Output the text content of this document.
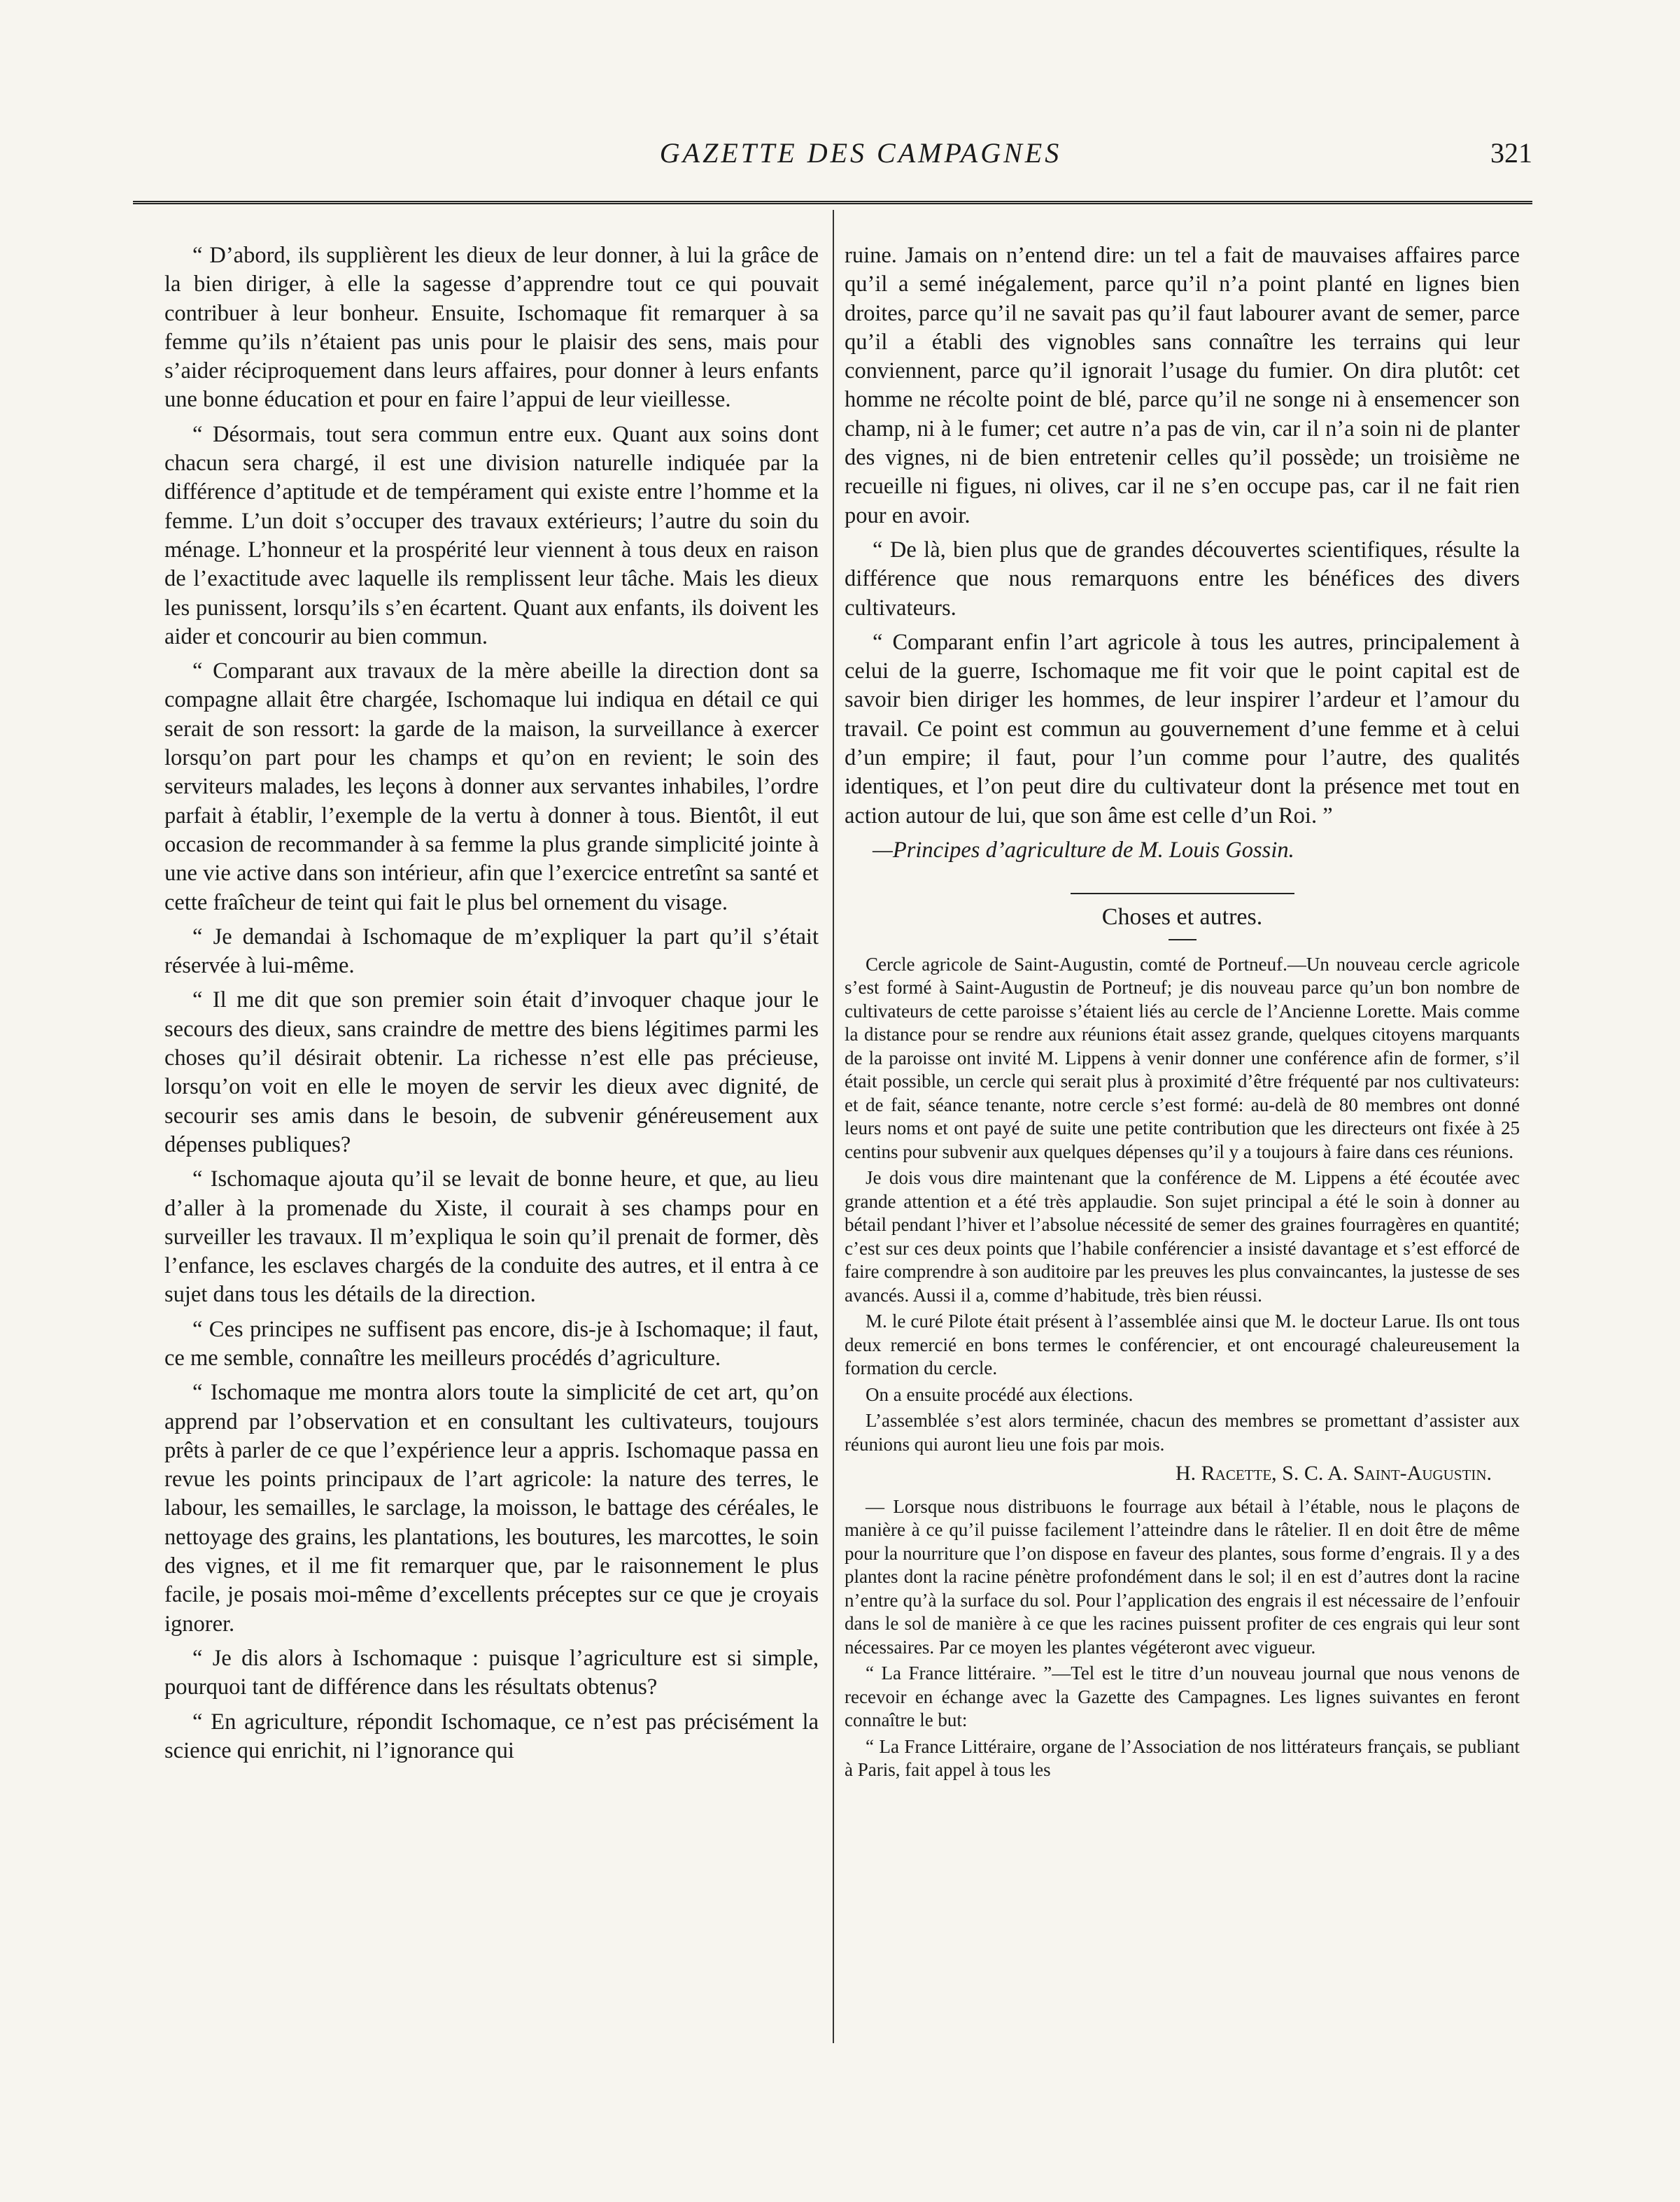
GAZETTE DES CAMPAGNES	321

“ D’abord, ils supplièrent les dieux de leur donner, à lui la grâce de la bien diriger, à elle la sagesse d’apprendre tout ce qui pouvait contribuer à leur bonheur. Ensuite, Ischomaque fit remarquer à sa femme qu’ils n’étaient pas unis pour le plaisir des sens, mais pour s’aider réciproquement dans leurs affaires, pour donner à leurs enfants une bonne éducation et pour en faire l’appui de leur vieillesse.

“ Désormais, tout sera commun entre eux. Quant aux soins dont chacun sera chargé, il est une division naturelle indiquée par la différence d’aptitude et de tempérament qui existe entre l’homme et la femme. L’un doit s’occuper des travaux extérieurs; l’autre du soin du ménage. L’honneur et la prospérité leur viennent à tous deux en raison de l’exactitude avec laquelle ils remplissent leur tâche. Mais les dieux les punissent, lorsqu’ils s’en écartent. Quant aux enfants, ils doivent les aider et concourir au bien commun.

“ Comparant aux travaux de la mère abeille la direction dont sa compagne allait être chargée, Ischomaque lui indiqua en détail ce qui serait de son ressort: la garde de la maison, la surveillance à exercer lorsqu’on part pour les champs et qu’on en revient; le soin des serviteurs malades, les leçons à donner aux servantes inhabiles, l’ordre parfait à établir, l’exemple de la vertu à donner à tous. Bientôt, il eut occasion de recommander à sa femme la plus grande simplicité jointe à une vie active dans son intérieur, afin que l’exercice entretînt sa santé et cette fraîcheur de teint qui fait le plus bel ornement du visage.

“ Je demandai à Ischomaque de m’expliquer la part qu’il s’était réservée à lui-même.

“ Il me dit que son premier soin était d’invoquer chaque jour le secours des dieux, sans craindre de mettre des biens légitimes parmi les choses qu’il désirait obtenir. La richesse n’est elle pas précieuse, lorsqu’on voit en elle le moyen de servir les dieux avec dignité, de secourir ses amis dans le besoin, de subvenir généreusement aux dépenses publiques?

“ Ischomaque ajouta qu’il se levait de bonne heure, et que, au lieu d’aller à la promenade du Xiste, il courait à ses champs pour en surveiller les travaux. Il m’expliqua le soin qu’il prenait de former, dès l’enfance, les esclaves chargés de la conduite des autres, et il entra à ce sujet dans tous les détails de la direction.

“ Ces principes ne suffisent pas encore, dis-je à Ischomaque; il faut, ce me semble, connaître les meilleurs procédés d’agriculture.

“ Ischomaque me montra alors toute la simplicité de cet art, qu’on apprend par l’observation et en consultant les cultivateurs, toujours prêts à parler de ce que l’expérience leur a appris. Ischomaque passa en revue les points principaux de l’art agricole: la nature des terres, le labour, les semailles, le sarclage, la moisson, le battage des céréales, le nettoyage des grains, les plantations, les boutures, les marcottes, le soin des vignes, et il me fit remarquer que, par le raisonnement le plus facile, je posais moi-même d’excellents préceptes sur ce que je croyais ignorer.

“ Je dis alors à Ischomaque : puisque l’agriculture est si simple, pourquoi tant de différence dans les résultats obtenus?

“ En agriculture, répondit Ischomaque, ce n’est pas précisément la science qui enrichit, ni l’ignorance qui

ruine. Jamais on n’entend dire: un tel a fait de mauvaises affaires parce qu’il a semé inégalement, parce qu’il n’a point planté en lignes bien droites, parce qu’il ne savait pas qu’il faut labourer avant de semer, parce qu’il a établi des vignobles sans connaître les terrains qui leur conviennent, parce qu’il ignorait l’usage du fumier. On dira plutôt: cet homme ne récolte point de blé, parce qu’il ne songe ni à ensemencer son champ, ni à le fumer; cet autre n’a pas de vin, car il n’a soin ni de planter des vignes, ni de bien entretenir celles qu’il possède; un troisième ne recueille ni figues, ni olives, car il ne s’en occupe pas, car il ne fait rien pour en avoir.

“ De là, bien plus que de grandes découvertes scientifiques, résulte la différence que nous remarquons entre les bénéfices des divers cultivateurs.

“ Comparant enfin l’art agricole à tous les autres, principalement à celui de la guerre, Ischomaque me fit voir que le point capital est de savoir bien diriger les hommes, de leur inspirer l’ardeur et l’amour du travail. Ce point est commun au gouvernement d’une femme et à celui d’un empire; il faut, pour l’un comme pour l’autre, des qualités identiques, et l’on peut dire du cultivateur dont la présence met tout en action autour de lui, que son âme est celle d’un Roi. ”

—Principes d’agriculture de M. Louis Gossin.

Choses et autres.

Cercle agricole de Saint-Augustin, comté de Portneuf.—Un nouveau cercle agricole s’est formé à Saint-Augustin de Portneuf; je dis nouveau parce qu’un bon nombre de cultivateurs de cette paroisse s’étaient liés au cercle de l’Ancienne Lorette. Mais comme la distance pour se rendre aux réunions était assez grande, quelques citoyens marquants de la paroisse ont invité M. Lippens à venir donner une conférence afin de former, s’il était possible, un cercle qui serait plus à proximité d’être fréquenté par nos cultivateurs: et de fait, séance tenante, notre cercle s’est formé: au-delà de 80 membres ont donné leurs noms et ont payé de suite une petite contribution que les directeurs ont fixée à 25 centins pour subvenir aux quelques dépenses qu’il y a toujours à faire dans ces réunions.

Je dois vous dire maintenant que la conférence de M. Lippens a été écoutée avec grande attention et a été très applaudie. Son sujet principal a été le soin à donner au bétail pendant l’hiver et l’absolue nécessité de semer des graines fourragères en quantité; c’est sur ces deux points que l’habile conférencier a insisté davantage et s’est efforcé de faire comprendre à son auditoire par les preuves les plus convaincantes, la justesse de ses avancés. Aussi il a, comme d’habitude, très bien réussi.

M. le curé Pilote était présent à l’assemblée ainsi que M. le docteur Larue. Ils ont tous deux remercié en bons termes le conférencier, et ont encouragé chaleureusement la formation du cercle.

On a ensuite procédé aux élections.

L’assemblée s’est alors terminée, chacun des membres se promettant d’assister aux réunions qui auront lieu une fois par mois.

H. Racette, S. C. A. Saint-Augustin.

— Lorsque nous distribuons le fourrage aux bétail à l’étable, nous le plaçons de manière à ce qu’il puisse facilement l’atteindre dans le râtelier. Il en doit être de même pour la nourriture que l’on dispose en faveur des plantes, sous forme d’engrais. Il y a des plantes dont la racine pénètre profondément dans le sol; il en est d’autres dont la racine n’entre qu’à la surface du sol. Pour l’application des engrais il est nécessaire de l’enfouir dans le sol de manière à ce que les racines puissent profiter de ces engrais qui leur sont nécessaires. Par ce moyen les plantes végéteront avec vigueur.

“ La France littéraire. ”—Tel est le titre d’un nouveau journal que nous venons de recevoir en échange avec la Gazette des Campagnes. Les lignes suivantes en feront connaître le but:

“ La France Littéraire, organe de l’Association de nos littérateurs français, se publiant à Paris, fait appel à tous les
